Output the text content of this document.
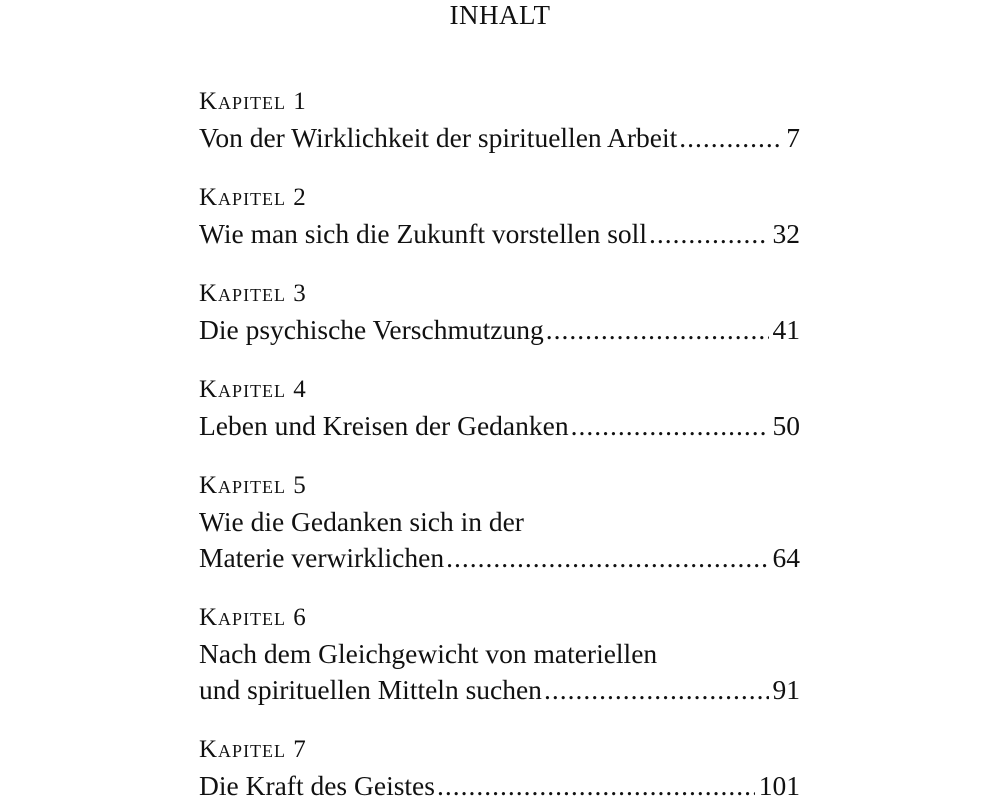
INHALT
Kapitel 1
Von der Wirklichkeit der spirituellen Arbeit .....	7
Kapitel 2
Wie man sich die Zukunft vorstellen soll .....	32
Kapitel 3
Die psychische Verschmutzung .....	41
Kapitel 4
Leben und Kreisen der Gedanken .....	50
Kapitel 5
Wie die Gedanken sich in der
Materie verwirklichen .....	64
Kapitel 6
Nach dem Gleichgewicht von materiellen
und spirituellen Mitteln suchen .....	91
Kapitel 7
Die Kraft des Geistes .....	101
